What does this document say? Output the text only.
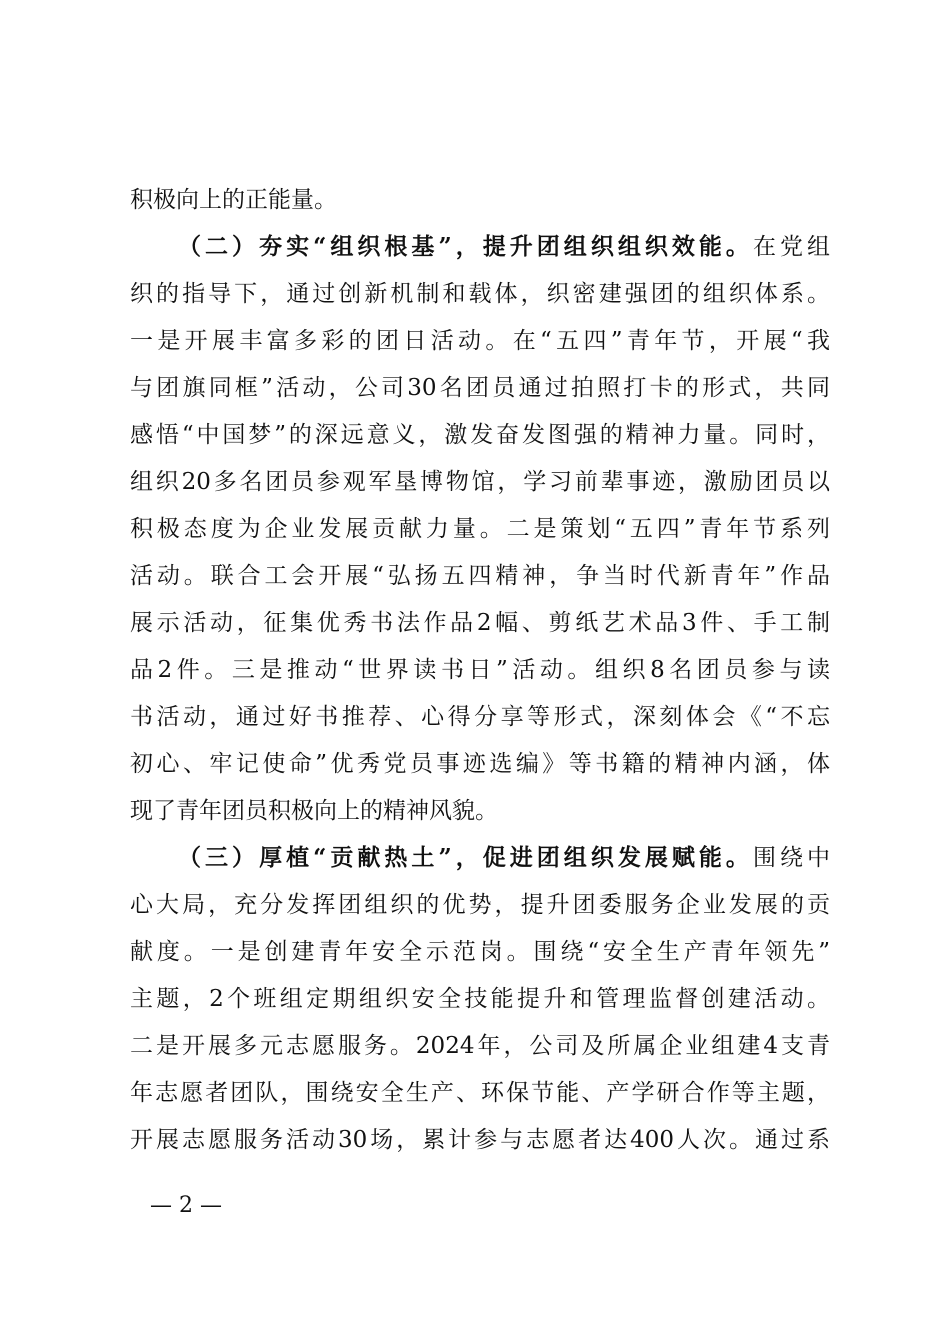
积极向上的正能量。
（二）夯实“组织根基”，提升团组织组织效能。在党组
织的指导下，通过创新机制和载体，织密建强团的组织体系。
一是开展丰富多彩的团日活动。在“五四”青年节，开展“我
与团旗同框”活动，公司30名团员通过拍照打卡的形式，共同
感悟“中国梦”的深远意义，激发奋发图强的精神力量。同时，
组织20多名团员参观军垦博物馆，学习前辈事迹，激励团员以
积极态度为企业发展贡献力量。二是策划“五四”青年节系列
活动。联合工会开展“弘扬五四精神，争当时代新青年”作品
展示活动，征集优秀书法作品2幅、剪纸艺术品3件、手工制
品2件。三是推动“世界读书日”活动。组织8名团员参与读
书活动，通过好书推荐、心得分享等形式，深刻体会《“不忘
初心、牢记使命”优秀党员事迹选编》等书籍的精神内涵，体
现了青年团员积极向上的精神风貌。
（三）厚植“贡献热土”，促进团组织发展赋能。围绕中
心大局，充分发挥团组织的优势，提升团委服务企业发展的贡
献度。一是创建青年安全示范岗。围绕“安全生产青年领先”
主题，2个班组定期组织安全技能提升和管理监督创建活动。
二是开展多元志愿服务。2024年，公司及所属企业组建4支青
年志愿者团队，围绕安全生产、环保节能、产学研合作等主题，
开展志愿服务活动30场，累计参与志愿者达400人次。通过系
— 2 —
